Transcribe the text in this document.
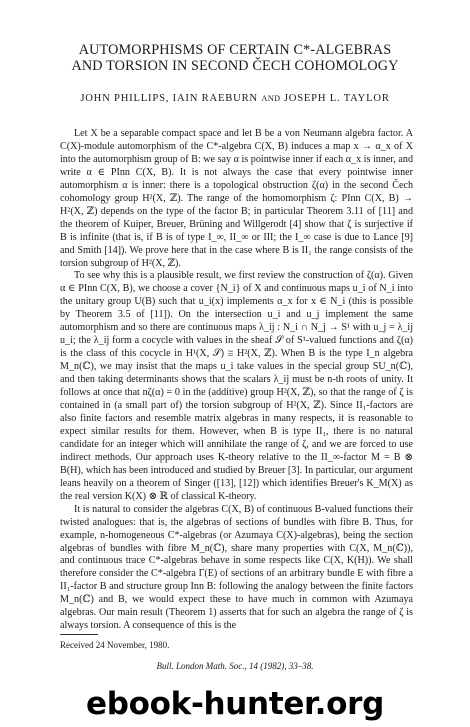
AUTOMORPHISMS OF CERTAIN C*-ALGEBRAS
AND TORSION IN SECOND ČECH COHOMOLOGY
JOHN PHILLIPS, IAIN RAEBURN AND JOSEPH L. TAYLOR

Let X be a separable compact space and let B be a von Neumann algebra factor. A C(X)-module automorphism of the C*-algebra C(X, B) induces a map x → α_x of X into the automorphism group of B: we say α is pointwise inner if each α_x is inner, and write α ∈ PInn C(X, B). It is not always the case that every pointwise inner automorphism α is inner: there is a topological obstruction ζ(α) in the second Čech cohomology group H²(X, ℤ). The range of the homomorphism ζ: PInn C(X, B) → H²(X, ℤ) depends on the type of the factor B; in particular Theorem 3.11 of [11] and the theorem of Kuiper, Breuer, Brüning and Willgerodt [4] show that ζ is surjective if B is infinite (that is, if B is of type I_∞, II_∞ or III; the I_∞ case is due to Lance [9] and Smith [14]). We prove here that in the case where B is II₁ the range consists of the torsion subgroup of H²(X, ℤ).

To see why this is a plausible result, we first review the construction of ζ(α). Given α ∈ PInn C(X, B), we choose a cover {N_i} of X and continuous maps u_i of N_i into the unitary group U(B) such that u_i(x) implements α_x for x ∈ N_i (this is possible by Theorem 3.5 of [11]). On the intersection u_i and u_j implement the same automorphism and so there are continuous maps λ_ij : N_i ∩ N_j → S¹ with u_j = λ_ij u_i; the λ_ij form a cocycle with values in the sheaf 𝒮 of S¹-valued functions and ζ(α) is the class of this cocycle in H¹(X, 𝒮) ≅ H²(X, ℤ). When B is the type I_n algebra M_n(ℂ), we may insist that the maps u_i take values in the special group SU_n(ℂ), and then taking determinants shows that the scalars λ_ij must be n-th roots of unity. It follows at once that nζ(α) = 0 in the (additive) group H²(X, ℤ), so that the range of ζ is contained in (a small part of) the torsion subgroup of H²(X, ℤ). Since II₁-factors are also finite factors and resemble matrix algebras in many respects, it is reasonable to expect similar results for them. However, when B is type II₁, there is no natural candidate for an integer which will annihilate the range of ζ, and we are forced to use indirect methods. Our approach uses K-theory relative to the II_∞-factor M = B ⊗ B(H), which has been introduced and studied by Breuer [3]. In particular, our argument leans heavily on a theorem of Singer ([13], [12]) which identifies Breuer's K_M(X) as the real version K(X) ⊗ ℝ of classical K-theory.

It is natural to consider the algebras C(X, B) of continuous B-valued functions their twisted analogues: that is, the algebras of sections of bundles with fibre B. Thus, for example, n-homogeneous C*-algebras (or Azumaya C(X)-algebras), being the section algebras of bundles with fibre M_n(ℂ), share many properties with C(X, M_n(ℂ)), and continuous trace C*-algebras behave in some respects like C(X, K(H)). We shall therefore consider the C*-algebra Γ(E) of sections of an arbitrary bundle E with fibre a II₁-factor B and structure group Inn B: following the analogy between the finite factors M_n(ℂ) and B, we would expect these to have much in common with Azumaya algebras. Our main result (Theorem 1) asserts that for such an algebra the range of ζ is always torsion. A consequence of this is the

Received 24 November, 1980.
Bull. London Math. Soc., 14 (1982), 33–38.
ebook-hunter.org
